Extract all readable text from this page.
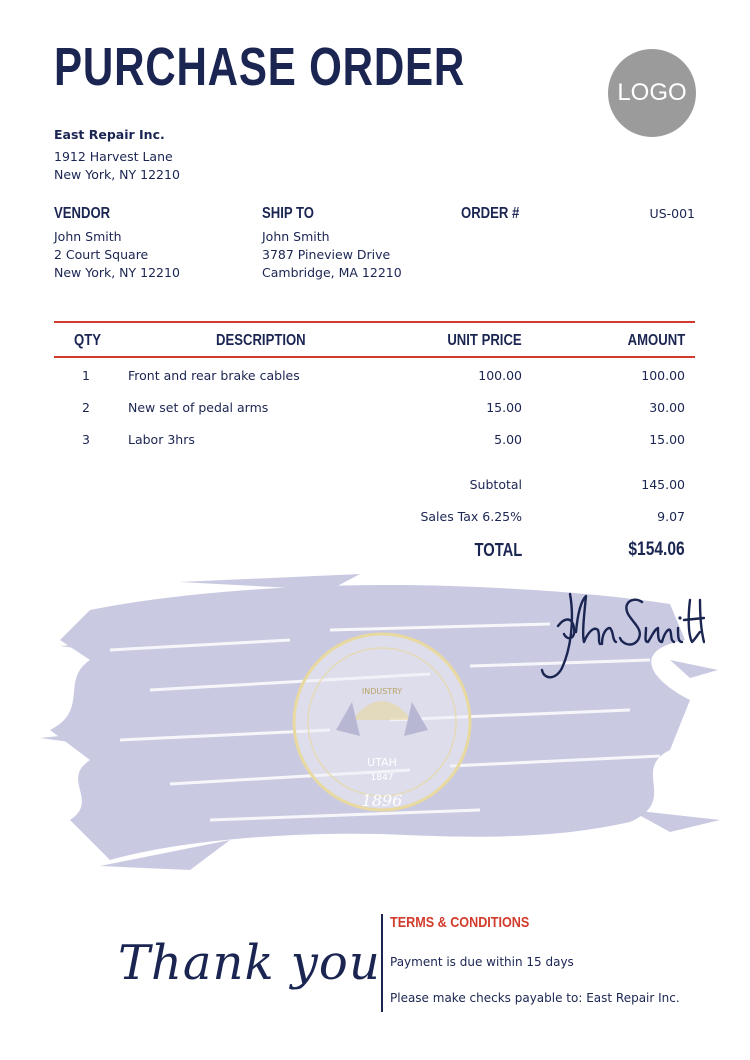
PURCHASE ORDER	LOGO
East Repair Inc.
1912 Harvest Lane
New York, NY 12210
VENDOR
John Smith
2 Court Square
New York, NY 12210
SHIP TO
John Smith
3787 Pineview Drive
Cambridge, MA 12210
ORDER #	US-001
QTY	DESCRIPTION	UNIT PRICE	AMOUNT
1	Front and rear brake cables	100.00	100.00
2	New set of pedal arms	15.00	30.00
3	Labor 3hrs	5.00	15.00
Subtotal	145.00
Sales Tax 6.25%	9.07
TOTAL	$154.06
INDUSTRY
UTAH
1847
1896
Thank you
TERMS & CONDITIONS
Payment is due within 15 days
Please make checks payable to: East Repair Inc.
